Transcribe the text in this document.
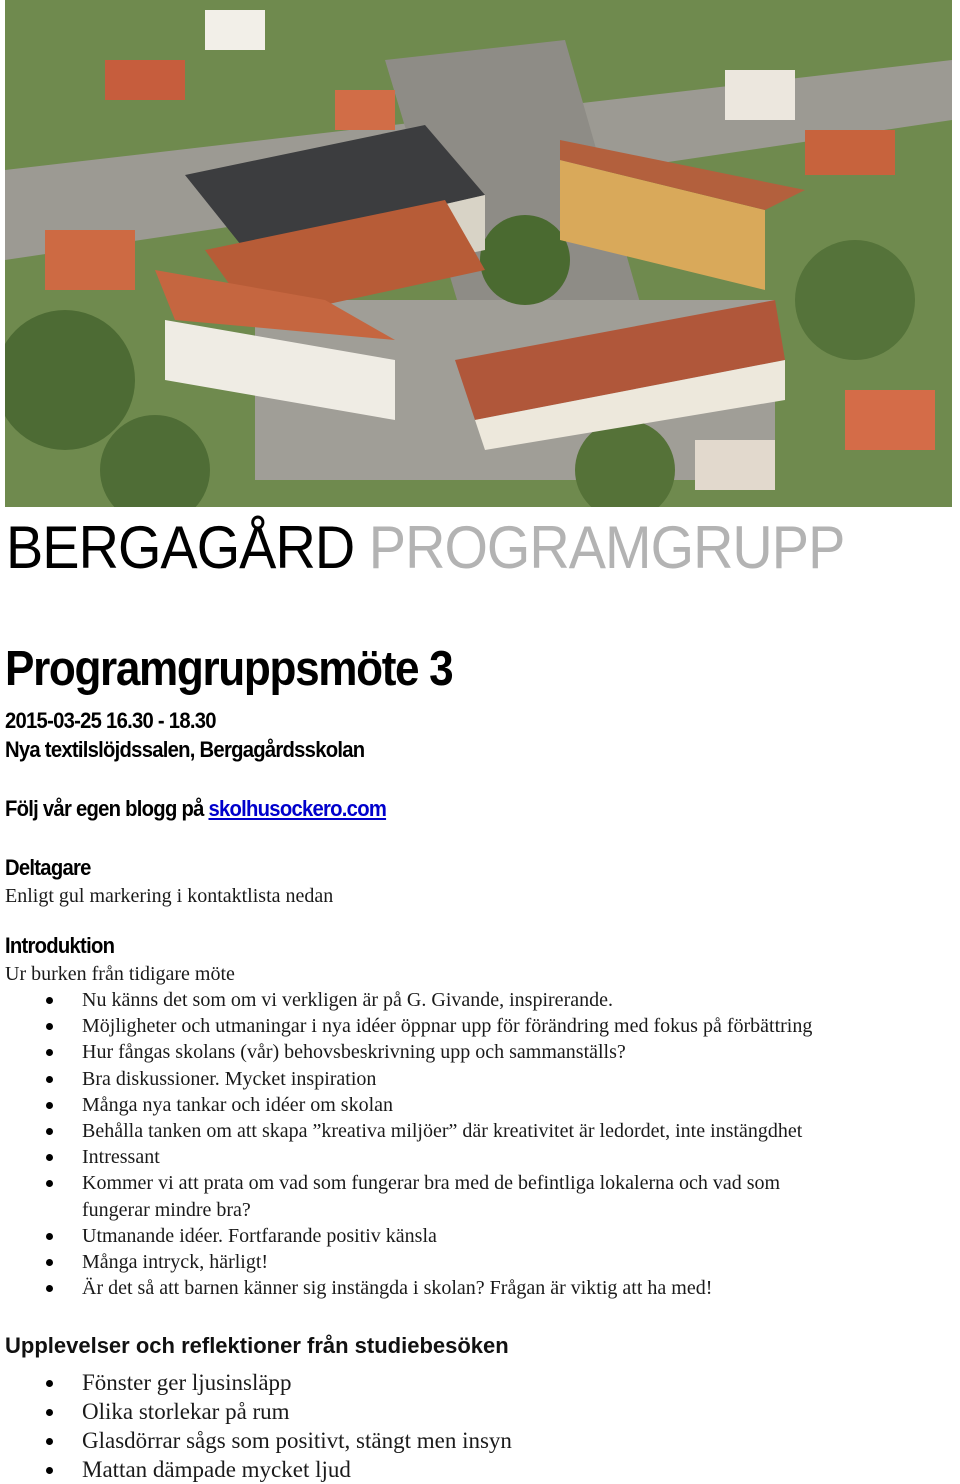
BERGAGÅRD PROGRAMGRUPP
Programgruppsmöte 3

2015-03-25 16.30 - 18.30

Nya textilslöjdssalen, Bergagårdsskolan

Följ vår egen blogg på skolhusockero.com

Deltagare

Enligt gul markering i kontaktlista nedan

Introduktion

Ur burken från tidigare möte

Nu känns det som om vi verkligen är på G. Givande, inspirerande.
Möjligheter och utmaningar i nya idéer öppnar upp för förändring med fokus på förbättring
Hur fångas skolans (vår) behovsbeskrivning upp och sammanställs?
Bra diskussioner. Mycket inspiration
Många nya tankar och idéer om skolan
Behålla tanken om att skapa ”kreativa miljöer” där kreativitet är ledordet, inte instängdhet
Intressant
Kommer vi att prata om vad som fungerar bra med de befintliga lokalerna och vad som
fungerar mindre bra?
Utmanande idéer. Fortfarande positiv känsla
Många intryck, härligt!
Är det så att barnen känner sig instängda i skolan? Frågan är viktig att ha med!

Upplevelser och reflektioner från studiebesöken

Fönster ger ljusinsläpp
Olika storlekar på rum
Glasdörrar sågs som positivt, stängt men insyn
Mattan dämpade mycket ljud
